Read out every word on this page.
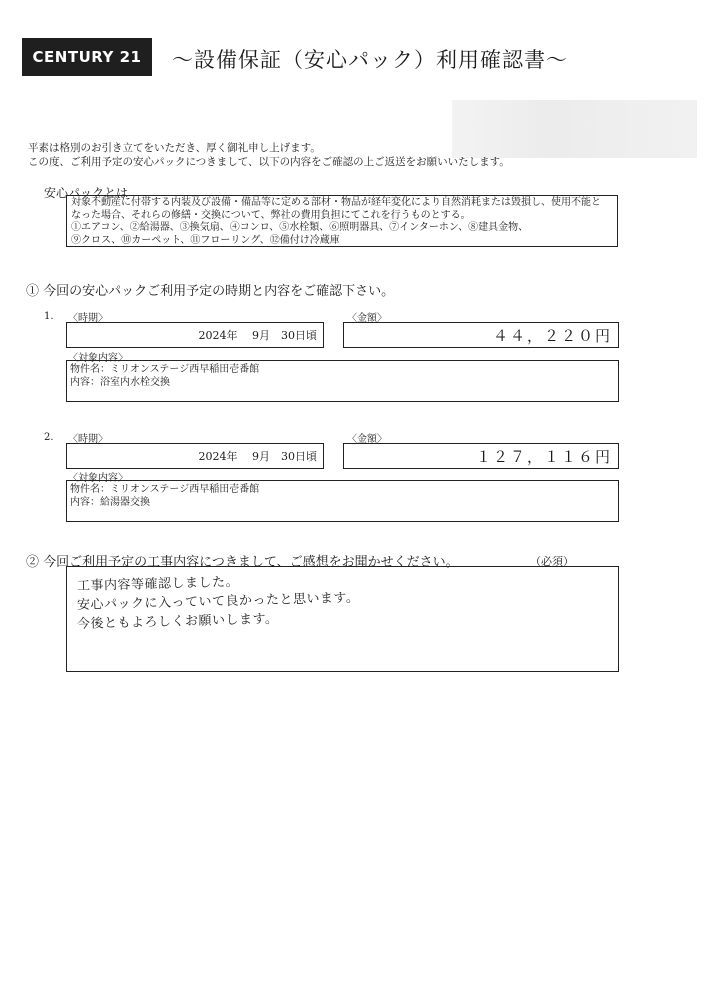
CENTURY 21	～設備保証（安心パック）利用確認書～
平素は格別のお引き立てをいただき、厚く御礼申し上げます。
この度、ご利用予定の安心パックにつきまして、以下の内容をご確認の上ご返送をお願いいたします。
安心パックとは
対象不動産に付帯する内装及び設備・備品等に定める部材・物品が経年変化により自然消耗または毀損し、使用不能と
なった場合、それらの修繕・交換について、弊社の費用負担にてこれを行うものとする。
①エアコン、②給湯器、③換気扇、④コンロ、⑤水栓類、⑥照明器具、⑦インターホン、⑧建具金物、
⑨クロス、⑩カーペット、⑪フローリング、⑫備付け冷蔵庫
① 今回の安心パックご利用予定の時期と内容をご確認下さい。
1. 〈時期〉
2024年　 9月　30日頃
〈金額〉
４４，２２０円
〈対象内容〉
物件名：ミリオンステージ西早稲田壱番館
内容：浴室内水栓交換
2. 〈時期〉
2024年　 9月　30日頃
〈金額〉
１２７，１１６円
〈対象内容〉
物件名：ミリオンステージ西早稲田壱番館
内容：給湯器交換
② 今回ご利用予定の工事内容につきまして、ご感想をお聞かせください。	（必須）
工事内容等確認しました。
安心パックに入っていて良かったと思います。
今後ともよろしくお願いします。
